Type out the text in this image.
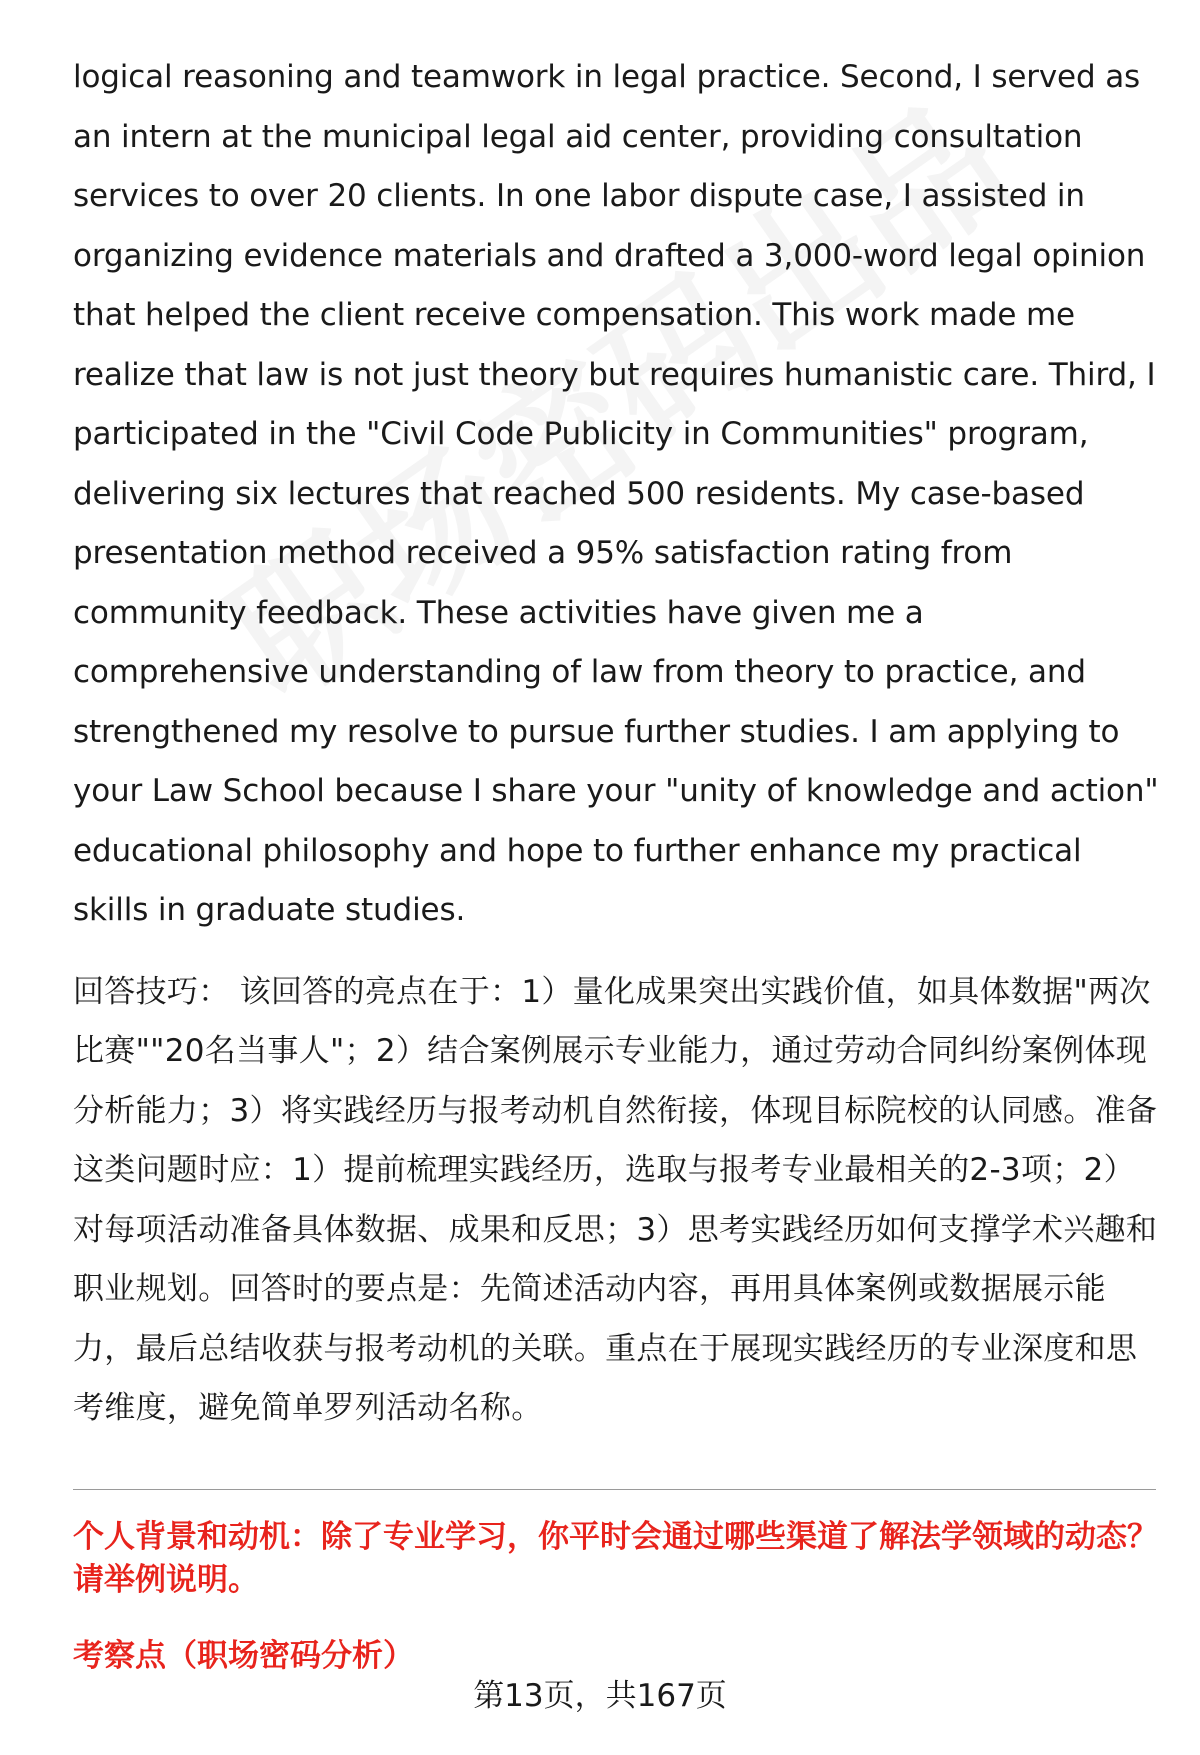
logical reasoning and teamwork in legal practice. Second, I served as an intern at the municipal legal aid center, providing consultation services to over 20 clients. In one labor dispute case, I assisted in organizing evidence materials and drafted a 3,000-word legal opinion that helped the client receive compensation. This work made me realize that law is not just theory but requires humanistic care. Third, I participated in the "Civil Code Publicity in Communities" program, delivering six lectures that reached 500 residents. My case-based presentation method received a 95% satisfaction rating from community feedback. These activities have given me a comprehensive understanding of law from theory to practice, and strengthened my resolve to pursue further studies. I am applying to your Law School because I share your "unity of knowledge and action" educational philosophy and hope to further enhance my practical skills in graduate studies.

回答技巧： 该回答的亮点在于：1）量化成果突出实践价值，如具体数据"两次比赛""20名当事人"；2）结合案例展示专业能力，通过劳动合同纠纷案例体现分析能力；3）将实践经历与报考动机自然衔接，体现目标院校的认同感。准备这类问题时应：1）提前梳理实践经历，选取与报考专业最相关的2-3项；2）对每项活动准备具体数据、成果和反思；3）思考实践经历如何支撑学术兴趣和职业规划。回答时的要点是：先简述活动内容，再用具体案例或数据展示能力，最后总结收获与报考动机的关联。重点在于展现实践经历的专业深度和思考维度，避免简单罗列活动名称。

个人背景和动机：除了专业学习，你平时会通过哪些渠道了解法学领域的动态？请举例说明。

考察点（职场密码分析）

第13页，共167页
